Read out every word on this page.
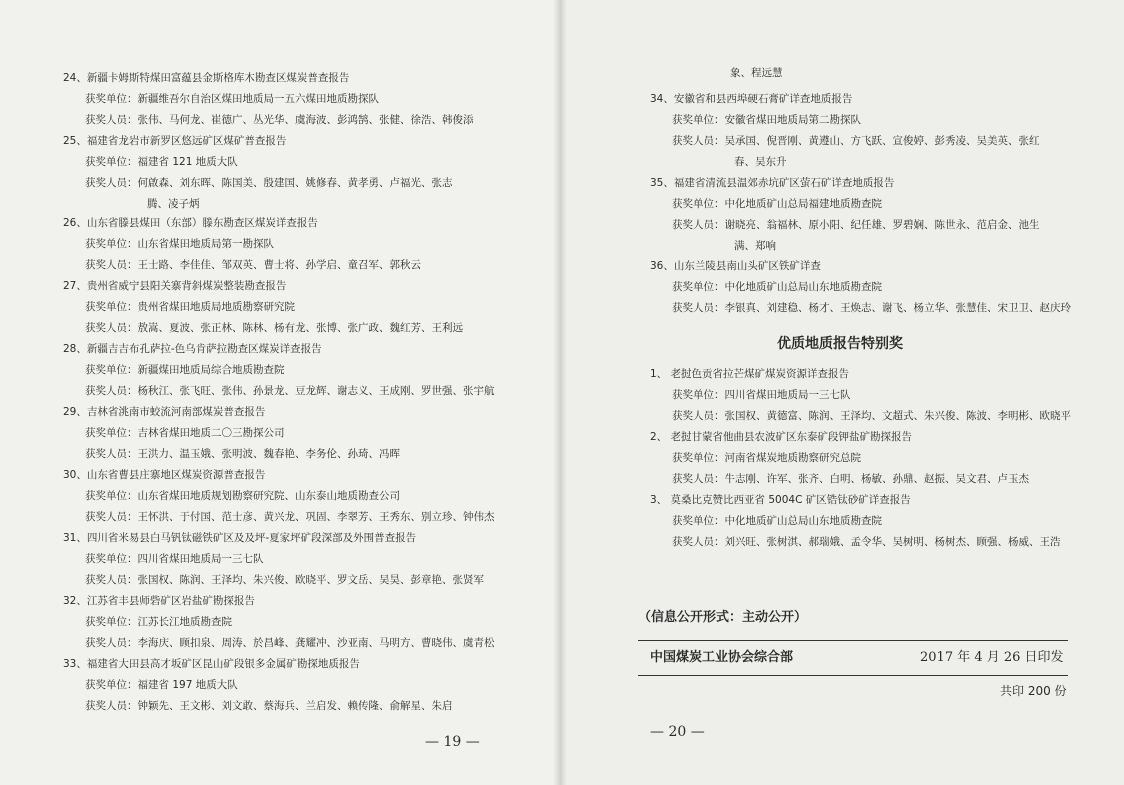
24、新疆卡姆斯特煤田富蕴县金斯格库木勘查区煤炭普查报告
获奖单位：新疆维吾尔自治区煤田地质局一五六煤田地质勘探队
获奖人员：张伟、马何龙、崔德广、丛光华、虞海波、彭鸿鹄、张健、徐浩、韩俊添
25、福建省龙岩市新罗区悠远矿区煤矿普查报告
获奖单位：福建省 121 地质大队
获奖人员：何啟森、刘东晖、陈国美、殷建国、姚修春、黄孝勇、卢福光、张志
腾、凌子炳
26、山东省滕县煤田（东部）滕东勘查区煤炭详查报告
获奖单位：山东省煤田地质局第一勘探队
获奖人员：王士路、李佳佳、邹双英、曹士将、孙学启、童召军、郭秋云
27、贵州省威宁县阳关寨背斜煤炭整装勘查报告
获奖单位：贵州省煤田地质局地质勘察研究院
获奖人员：敖嵩、夏波、张正林、陈林、杨有龙、张博、张广政、魏红芳、王利远
28、新疆吉吉布孔萨拉-色乌肯萨拉勘查区煤炭详查报告
获奖单位：新疆煤田地质局综合地质勘查院
获奖人员：杨秋江、张飞旺、张伟、孙景龙、豆龙辉、谢志义、王成刚、罗世强、张宇航
29、吉林省洮南市蛟流河南部煤炭普查报告
获奖单位：吉林省煤田地质二〇三勘探公司
获奖人员：王洪力、温玉娥、张明波、魏春艳、李务伦、孙琦、冯晖
30、山东省曹县庄寨地区煤炭资源普查报告
获奖单位：山东省煤田地质规划勘察研究院、山东泰山地质勘查公司
获奖人员：王怀洪、于付国、范士彦、黄兴龙、巩固、李翠芳、王秀东、别立珍、钟伟杰
31、四川省米易县白马钒钛磁铁矿区及及坪-夏家坪矿段深部及外围普查报告
获奖单位：四川省煤田地质局一三七队
获奖人员：张国权、陈润、王泽均、朱兴俊、欧晓平、罗文岳、吴昊、彭章艳、张贤军
32、江苏省丰县师砦矿区岩盐矿勘探报告
获奖单位：江苏长江地质勘查院
获奖人员：李海庆、顾扣泉、周涛、於昌峰、龚耀冲、沙亚南、马明方、曹晓伟、虞青松
33、福建省大田县高才坂矿区昆山矿段银多金属矿勘探地质报告
获奖单位：福建省 197 地质大队
获奖人员：钟颖先、王文彬、刘文敢、蔡海兵、兰启发、赖传隆、俞解星、朱启
— 19 —
象、程远慧
34、安徽省和县西埠硬石膏矿详查地质报告
获奖单位：安徽省煤田地质局第二勘探队
获奖人员：吴承国、倪晋刚、黄遵山、方飞跃、宣俊婷、彭秀凌、吴美英、张红
春、吴东升
35、福建省清流县温郊赤坑矿区萤石矿详查地质报告
获奖单位：中化地质矿山总局福建地质勘查院
获奖人员：谢晓亮、翁福林、原小阳、纪任雄、罗碧娴、陈世永、范启金、池生
满、郑响
36、山东兰陵县南山头矿区铁矿详查
获奖单位：中化地质矿山总局山东地质勘查院
获奖人员：李银真、刘建稳、杨才、王焕志、谢飞、杨立华、张慧佳、宋卫卫、赵庆玲
优质地质报告特别奖
1、 老挝色贡省拉芒煤矿煤炭资源详查报告
获奖单位：四川省煤田地质局一三七队
获奖人员：张国权、黄德富、陈润、王泽均、文超式、朱兴俊、陈波、李明彬、欧晓平
2、 老挝甘蒙省他曲县农波矿区东泰矿段钾盐矿勘探报告
获奖单位：河南省煤炭地质勘察研究总院
获奖人员：牛志刚、许军、张齐、白明、杨敏、孙鼎、赵振、吴文君、卢玉杰
3、 莫桑比克赞比西亚省 5004C 矿区锆钛砂矿详查报告
获奖单位：中化地质矿山总局山东地质勘查院
获奖人员：刘兴旺、张树淇、郝瑞娥、孟令华、吴树明、杨树杰、顾强、杨威、王浩
（信息公开形式：主动公开）
中国煤炭工业协会综合部	2017 年 4 月 26 日印发
共印 200 份
— 20 —
